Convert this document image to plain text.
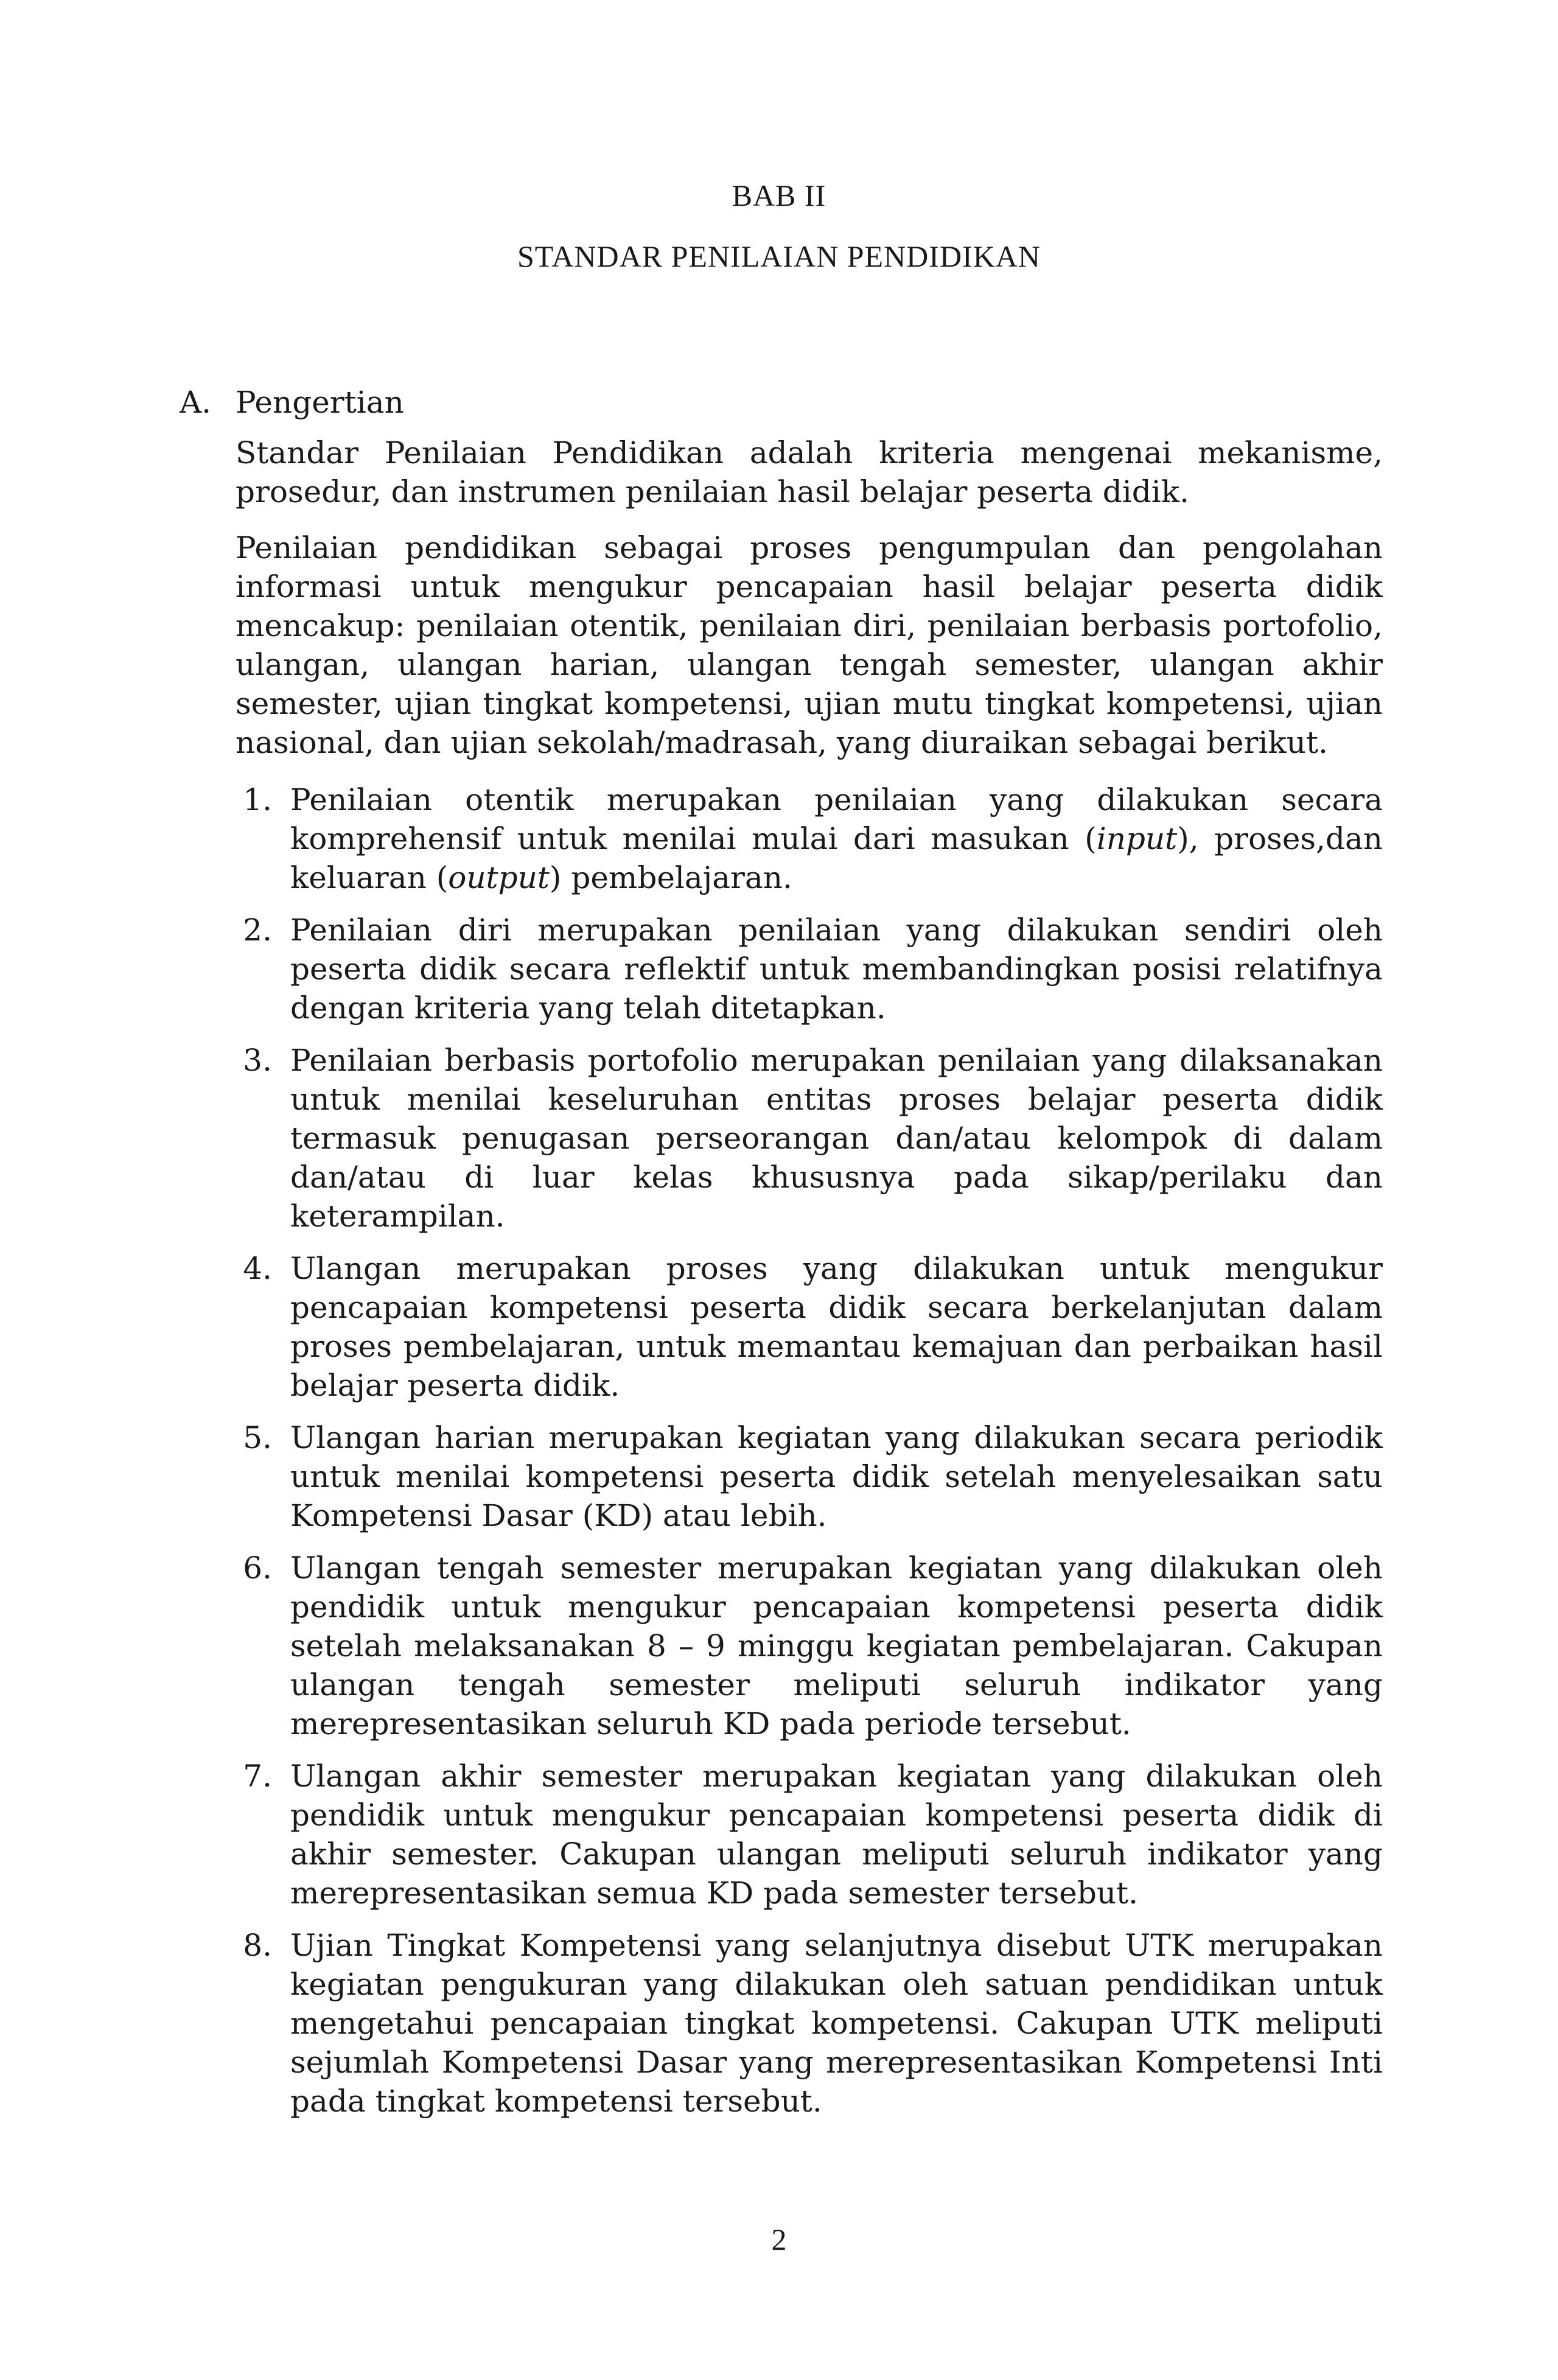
BAB II

STANDAR PENILAIAN PENDIDIKAN

A. Pengertian

Standar Penilaian Pendidikan adalah kriteria mengenai mekanisme, prosedur, dan instrumen penilaian hasil belajar peserta didik.

Penilaian pendidikan sebagai proses pengumpulan dan pengolahan informasi untuk mengukur pencapaian hasil belajar peserta didik mencakup: penilaian otentik, penilaian diri, penilaian berbasis portofolio, ulangan, ulangan harian, ulangan tengah semester, ulangan akhir semester, ujian tingkat kompetensi, ujian mutu tingkat kompetensi, ujian nasional, dan ujian sekolah/madrasah, yang diuraikan sebagai berikut.

1. Penilaian otentik merupakan penilaian yang dilakukan secara komprehensif untuk menilai mulai dari masukan (input), proses,dan keluaran (output) pembelajaran.
2. Penilaian diri merupakan penilaian yang dilakukan sendiri oleh peserta didik secara reflektif untuk membandingkan posisi relatifnya dengan kriteria yang telah ditetapkan.
3. Penilaian berbasis portofolio merupakan penilaian yang dilaksanakan untuk menilai keseluruhan entitas proses belajar peserta didik termasuk penugasan perseorangan dan/atau kelompok di dalam dan/atau di luar kelas khususnya pada sikap/perilaku dan keterampilan.
4. Ulangan merupakan proses yang dilakukan untuk mengukur pencapaian kompetensi peserta didik secara berkelanjutan dalam proses pembelajaran, untuk memantau kemajuan dan perbaikan hasil belajar peserta didik.
5. Ulangan harian merupakan kegiatan yang dilakukan secara periodik untuk menilai kompetensi peserta didik setelah menyelesaikan satu Kompetensi Dasar (KD) atau lebih.
6. Ulangan tengah semester merupakan kegiatan yang dilakukan oleh pendidik untuk mengukur pencapaian kompetensi peserta didik setelah melaksanakan 8 – 9 minggu kegiatan pembelajaran. Cakupan ulangan tengah semester meliputi seluruh indikator yang merepresentasikan seluruh KD pada periode tersebut.
7. Ulangan akhir semester merupakan kegiatan yang dilakukan oleh pendidik untuk mengukur pencapaian kompetensi peserta didik di akhir semester. Cakupan ulangan meliputi seluruh indikator yang merepresentasikan semua KD pada semester tersebut.
8. Ujian Tingkat Kompetensi yang selanjutnya disebut UTK merupakan kegiatan pengukuran yang dilakukan oleh satuan pendidikan untuk mengetahui pencapaian tingkat kompetensi. Cakupan UTK meliputi sejumlah Kompetensi Dasar yang merepresentasikan Kompetensi Inti pada tingkat kompetensi tersebut.

2
